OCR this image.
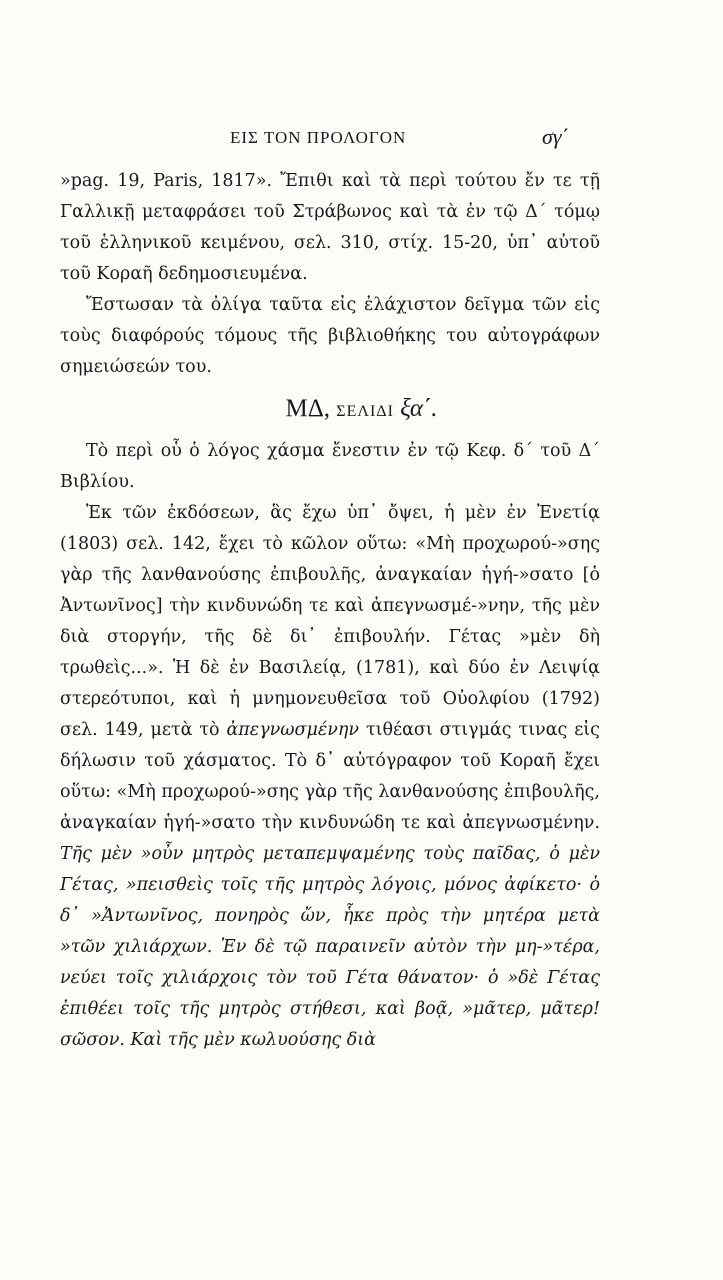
ΕΙΣ ΤΟΝ ΠΡΟΛΟΓΟΝ	σγ΄

»pag. 19, Paris, 1817». Ἔπιθι καὶ τὰ περὶ τούτου ἔν τε τῇ Γαλλικῇ μεταφράσει τοῦ Στράβωνος καὶ τὰ ἐν τῷ Δ΄ τόμῳ τοῦ ἑλληνικοῦ κειμένου, σελ. 310, στίχ. 15-20, ὑπ᾿ αὐτοῦ τοῦ Κοραῆ δεδημοσιευμένα.

Ἔστωσαν τὰ ὀλίγα ταῦτα εἰς ἐλάχιστον δεῖγμα τῶν εἰς τοὺς διαφόρούς τόμους τῆς βιβλιοθήκης του αὐτογράφων σημειώσεών του.

ΜΔ, ΣΕΛΙΔΙ ξα΄.

Τὸ περὶ οὗ ὁ λόγος χάσμα ἔνεστιν ἐν τῷ Κεφ. δ΄ τοῦ Δ΄ Βιβλίου.

Ἐκ τῶν ἐκδόσεων, ἃς ἔχω ὑπ᾿ ὄψει, ἡ μὲν ἐν Ἐνετίᾳ (1803) σελ. 142, ἔχει τὸ κῶλον οὕτω: «Μὴ προχωρού-»σης γὰρ τῆς λανθανούσης ἐπιβουλῆς, ἀναγκαίαν ἡγή-»σατο [ὁ Ἀντωνῖνος] τὴν κινδυνώδη τε καὶ ἀπεγνωσμέ-»νην, τῆς μὲν διὰ στοργήν, τῆς δὲ δι᾿ ἐπιβουλήν. Γέτας »μὲν δὴ τρωθεὶς...». Ἡ δὲ ἐν Βασιλείᾳ, (1781), καὶ δύο ἐν Λειψίᾳ στερεότυποι, καὶ ἡ μνημονευθεῖσα τοῦ Οὐολφίου (1792) σελ. 149, μετὰ τὸ ἀπεγνωσμένην τιθέασι στιγμάς τινας εἰς δήλωσιν τοῦ χάσματος. Τὸ δ᾿ αὐτόγραφον τοῦ Κοραῆ ἔχει οὕτω: «Μὴ προχωρού-»σης γὰρ τῆς λανθανούσης ἐπιβουλῆς, ἀναγκαίαν ἡγή-»σατο τὴν κινδυνώδη τε καὶ ἀπεγνωσμένην. Τῆς μὲν »οὖν μητρὸς μεταπεμψαμένης τοὺς παῖδας, ὁ μὲν Γέτας, »πεισθεὶς τοῖς τῆς μητρὸς λόγοις, μόνος ἀφίκετο· ὁ δ᾿ »Ἀντωνῖνος, πονηρὸς ὤν, ἧκε πρὸς τὴν μητέρα μετὰ »τῶν χιλιάρχων. Ἐν δὲ τῷ παραινεῖν αὐτὸν τὴν μη-»τέρα, νεύει τοῖς χιλιάρχοις τὸν τοῦ Γέτα θάνατον· ὁ »δὲ Γέτας ἐπιθέει τοῖς τῆς μητρὸς στήθεσι, καὶ βοᾷ, »μᾶτερ, μᾶτερ! σῶσον. Καὶ τῆς μὲν κωλυούσης διὰ
